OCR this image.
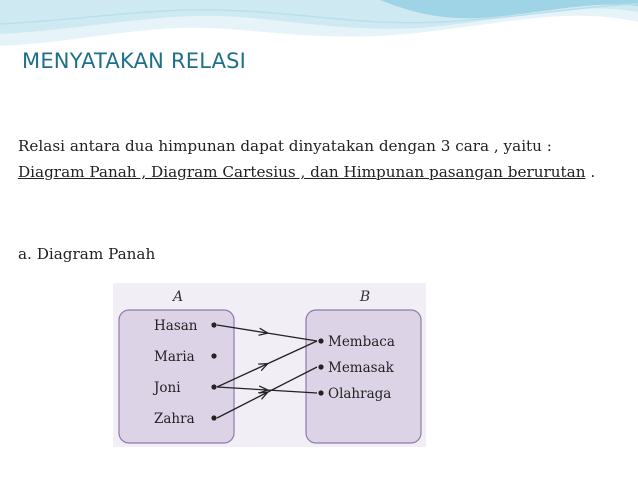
MENYATAKAN RELASI
Relasi antara dua himpunan dapat dinyatakan dengan 3 cara , yaitu : Diagram Panah , Diagram Cartesius , dan Himpunan pasangan berurutan .
a. Diagram Panah
A	B
Hasan
Maria
Joni
Zahra
Membaca
Memasak
Olahraga
